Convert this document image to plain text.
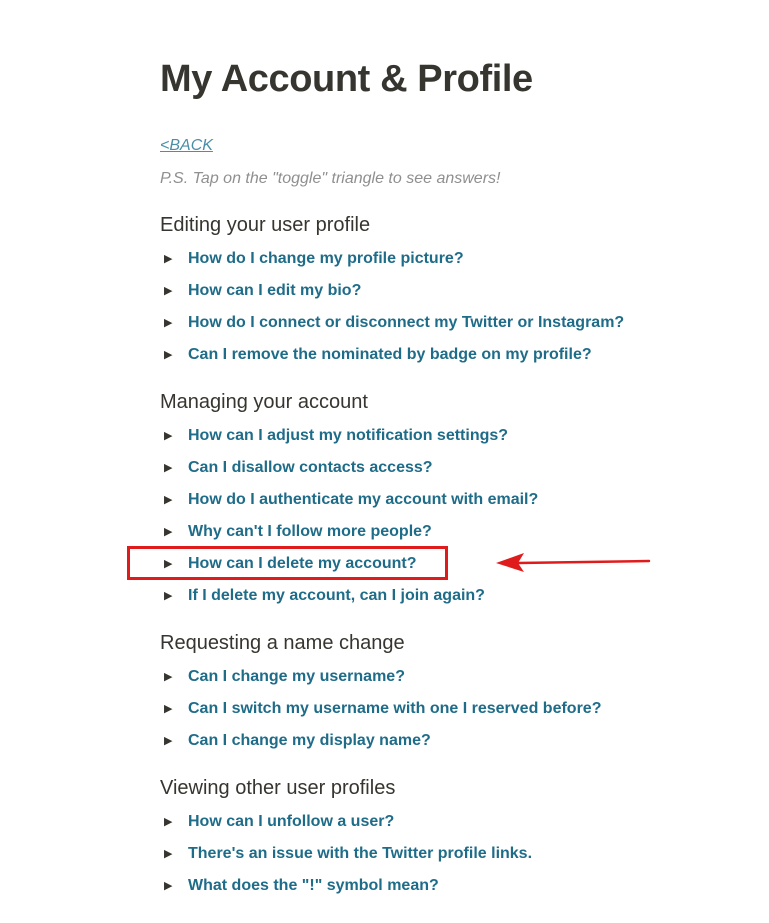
My Account & Profile
<BACK
P.S. Tap on the "toggle" triangle to see answers!
Editing your user profile
▶ How do I change my profile picture?
▶ How can I edit my bio?
▶ How do I connect or disconnect my Twitter or Instagram?
▶ Can I remove the nominated by badge on my profile?
Managing your account
▶ How can I adjust my notification settings?
▶ Can I disallow contacts access?
▶ How do I authenticate my account with email?
▶ Why can't I follow more people?
▶ How can I delete my account?
▶ If I delete my account, can I join again?
Requesting a name change
▶ Can I change my username?
▶ Can I switch my username with one I reserved before?
▶ Can I change my display name?
Viewing other user profiles
▶ How can I unfollow a user?
▶ There's an issue with the Twitter profile links.
▶ What does the "!" symbol mean?
